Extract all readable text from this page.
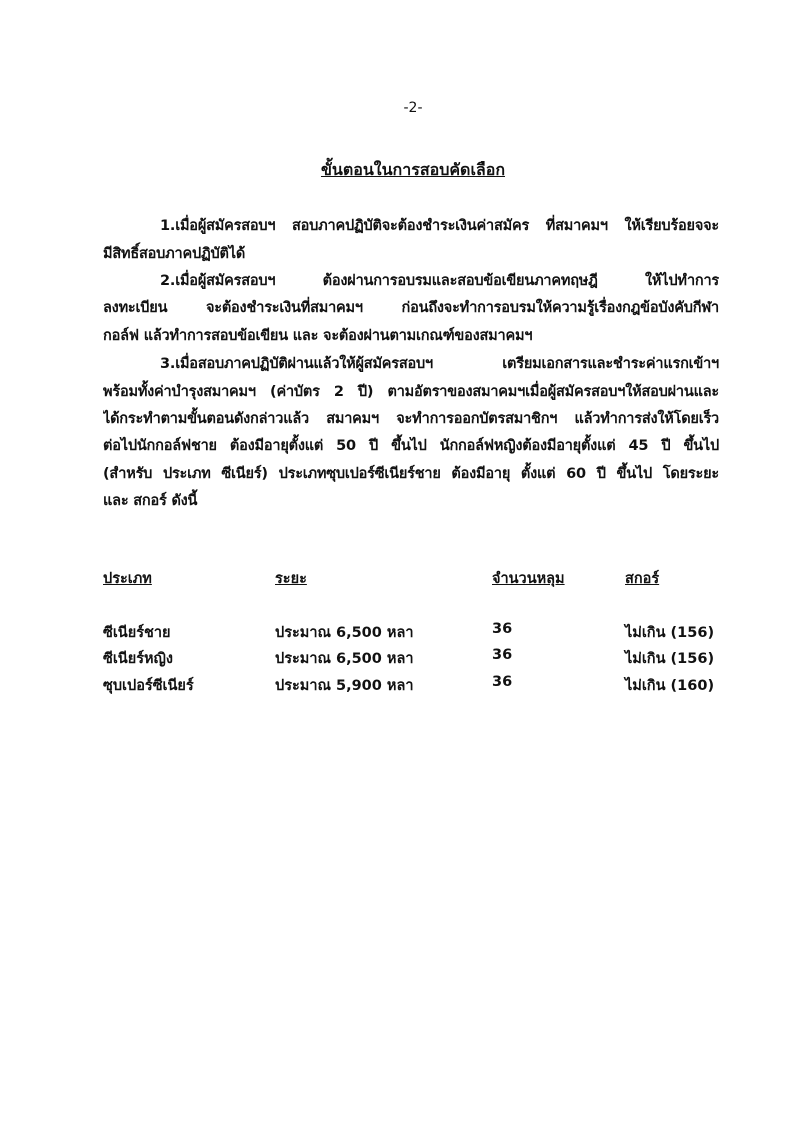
-2-
ขั้นตอนในการสอบคัดเลือก
1.เมื่อผู้สมัครสอบฯ สอบภาคปฏิบัติจะต้องชำระเงินค่าสมัคร ที่สมาคมฯ ให้เรียบร้อยจจะ
มีสิทธิ์สอบภาคปฏิบัติได้
2.เมื่อผู้สมัครสอบฯ ต้องผ่านการอบรมและสอบข้อเขียนภาคทฤษฎี ให้ไปทำการ
ลงทะเบียน จะต้องชำระเงินที่สมาคมฯ ก่อนถึงจะทำการอบรมให้ความรู้เรื่องกฎข้อบังคับกีฬา
กอล์ฟ แล้วทำการสอบข้อเขียน และ จะต้องผ่านตามเกณฑ์ของสมาคมฯ
3.เมื่อสอบภาคปฏิบัติผ่านแล้วให้ผู้สมัครสอบฯ เตรียมเอกสารและชำระค่าแรกเข้าฯ
พร้อมทั้งค่าบำรุงสมาคมฯ (ค่าบัตร 2 ปี) ตามอัตราของสมาคมฯเมื่อผู้สมัครสอบฯให้สอบผ่านและ
ได้กระทำตามขั้นตอนดังกล่าวแล้ว สมาคมฯ จะทำการออกบัตรสมาชิกฯ แล้วทำการส่งให้โดยเร็ว
ต่อไปนักกอล์ฟชาย ต้องมีอายุตั้งแต่ 50 ปี ขึ้นไป นักกอล์ฟหญิงต้องมีอายุตั้งแต่ 45 ปี ขึ้นไป
(สำหรับ ประเภท ซีเนียร์) ประเภทซุบเปอร์ซีเนียร์ชาย ต้องมีอายุ ตั้งแต่ 60 ปี ขึ้นไป โดยระยะ
และ สกอร์ ดังนี้
ประเภท	ระยะ	จำนวนหลุม	สกอร์
ซีเนียร์ชาย	ประมาณ 6,500 หลา	36	ไม่เกิน (156)
ซีเนียร์หญิง	ประมาณ 6,500 หลา	36	ไม่เกิน (156)
ซุบเปอร์ซีเนียร์	ประมาณ 5,900 หลา	36	ไม่เกิน (160)
